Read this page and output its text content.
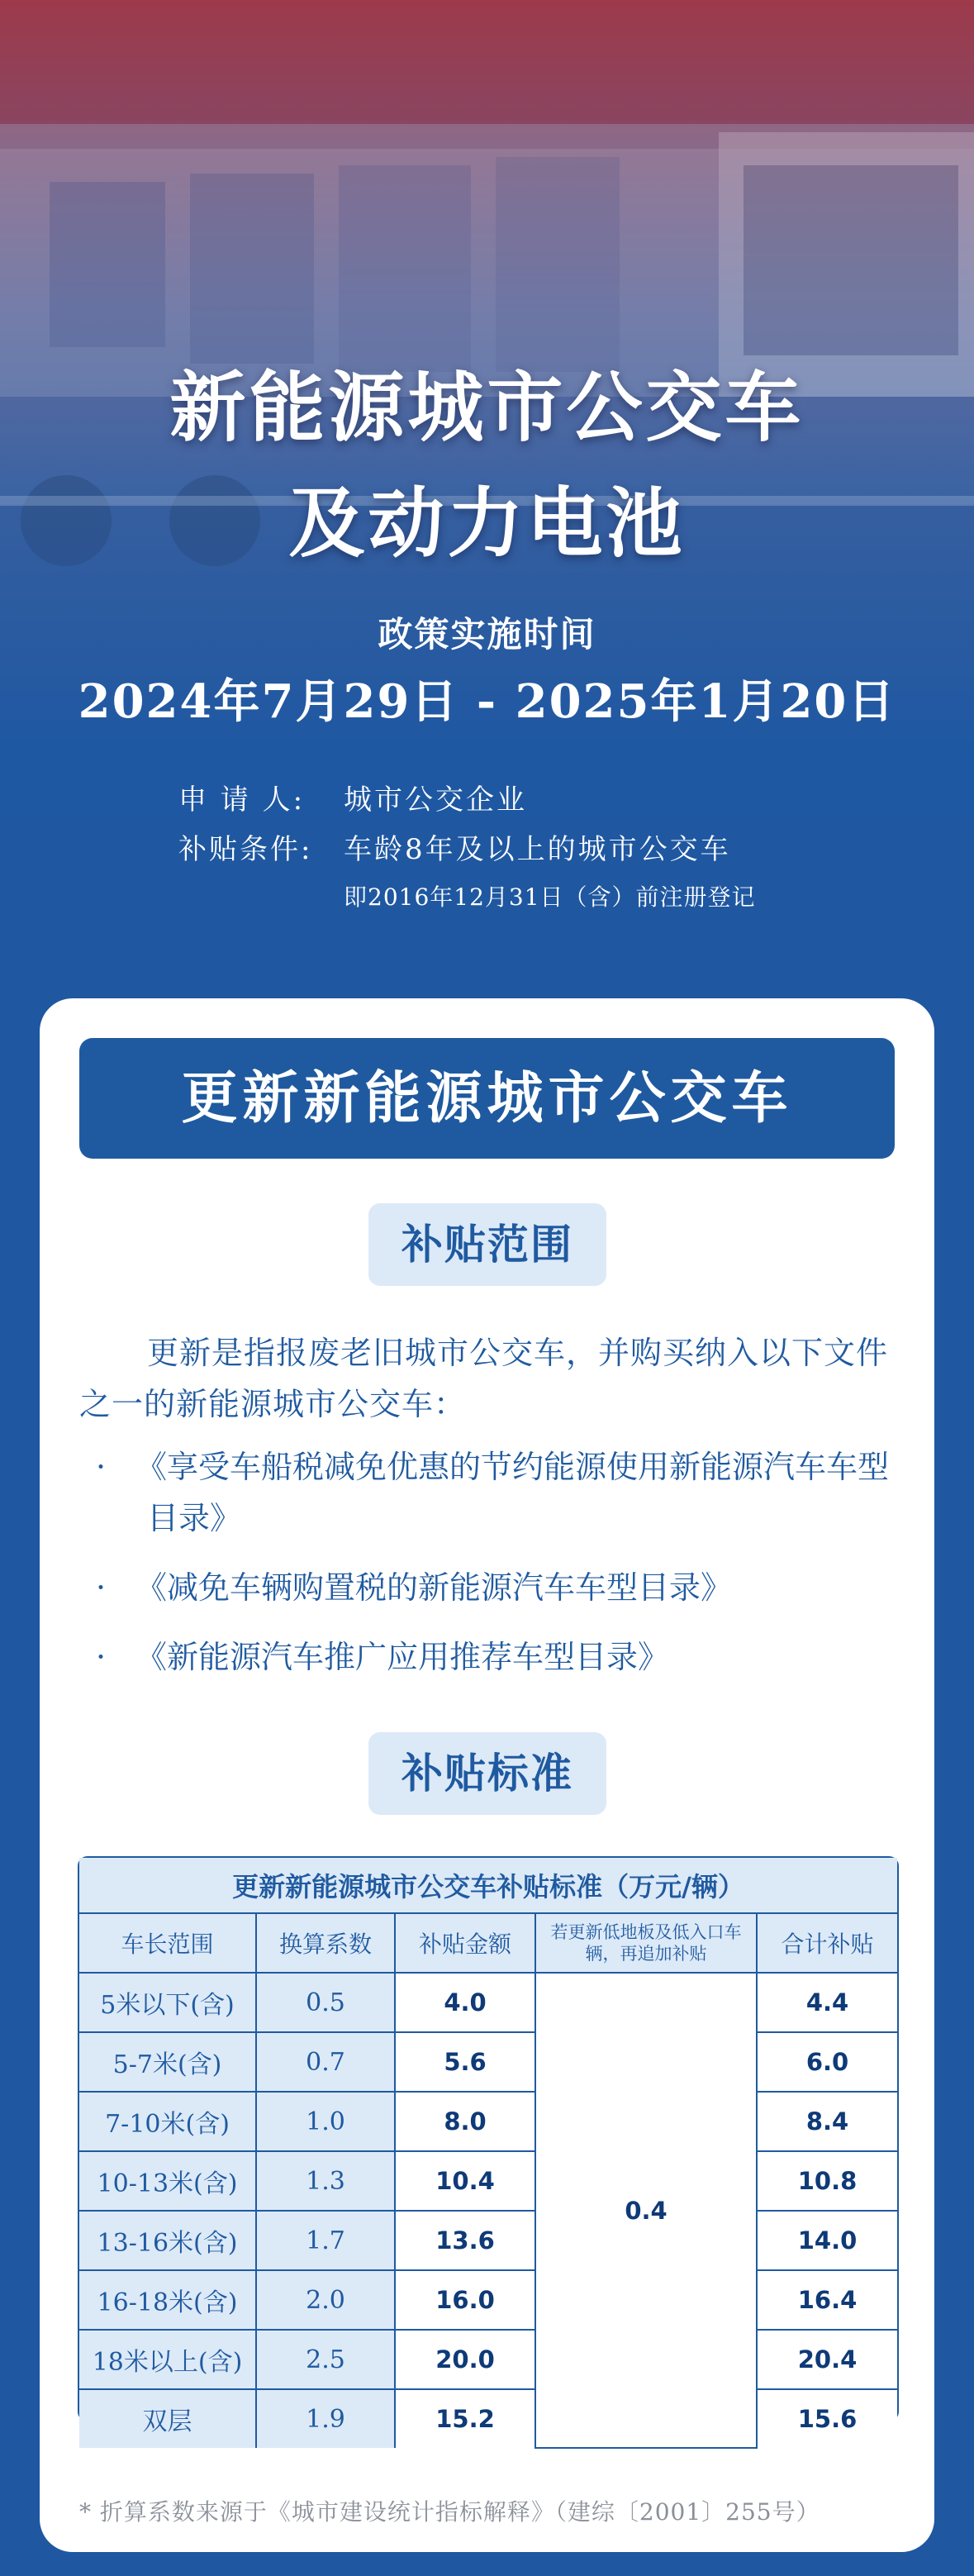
新能源城市公交车
及动力电池
政策实施时间
2024年7月29日 - 2025年1月20日
申 请 人: 城市公交企业
补贴条件: 车龄8年及以上的城市公交车
即2016年12月31日（含）前注册登记
更新新能源城市公交车
补贴范围

更新是指报废老旧城市公交车，并购买纳入以下文件之一的新能源城市公交车：

· 《享受车船税减免优惠的节约能源使用新能源汽车车型目录》
· 《减免车辆购置税的新能源汽车车型目录》
· 《新能源汽车推广应用推荐车型目录》
补贴标准
更新新能源城市公交车补贴标准（万元/辆）				
车长范围	换算系数	补贴金额	若更新低地板及低入口车辆，再追加补贴	合计补贴
5米以下(含)	0.5	4.0	0.4	4.4
5-7米(含)	0.7	5.6		6.0
7-10米(含)	1.0	8.0		8.4
10-13米(含)	1.3	10.4		10.8
13-16米(含)	1.7	13.6		14.0
16-18米(含)	2.0	16.0		16.4
18米以上(含)	2.5	20.0		20.4
双层	1.9	15.2		15.6
* 折算系数来源于《城市建设统计指标解释》（建综〔2001〕255号）
